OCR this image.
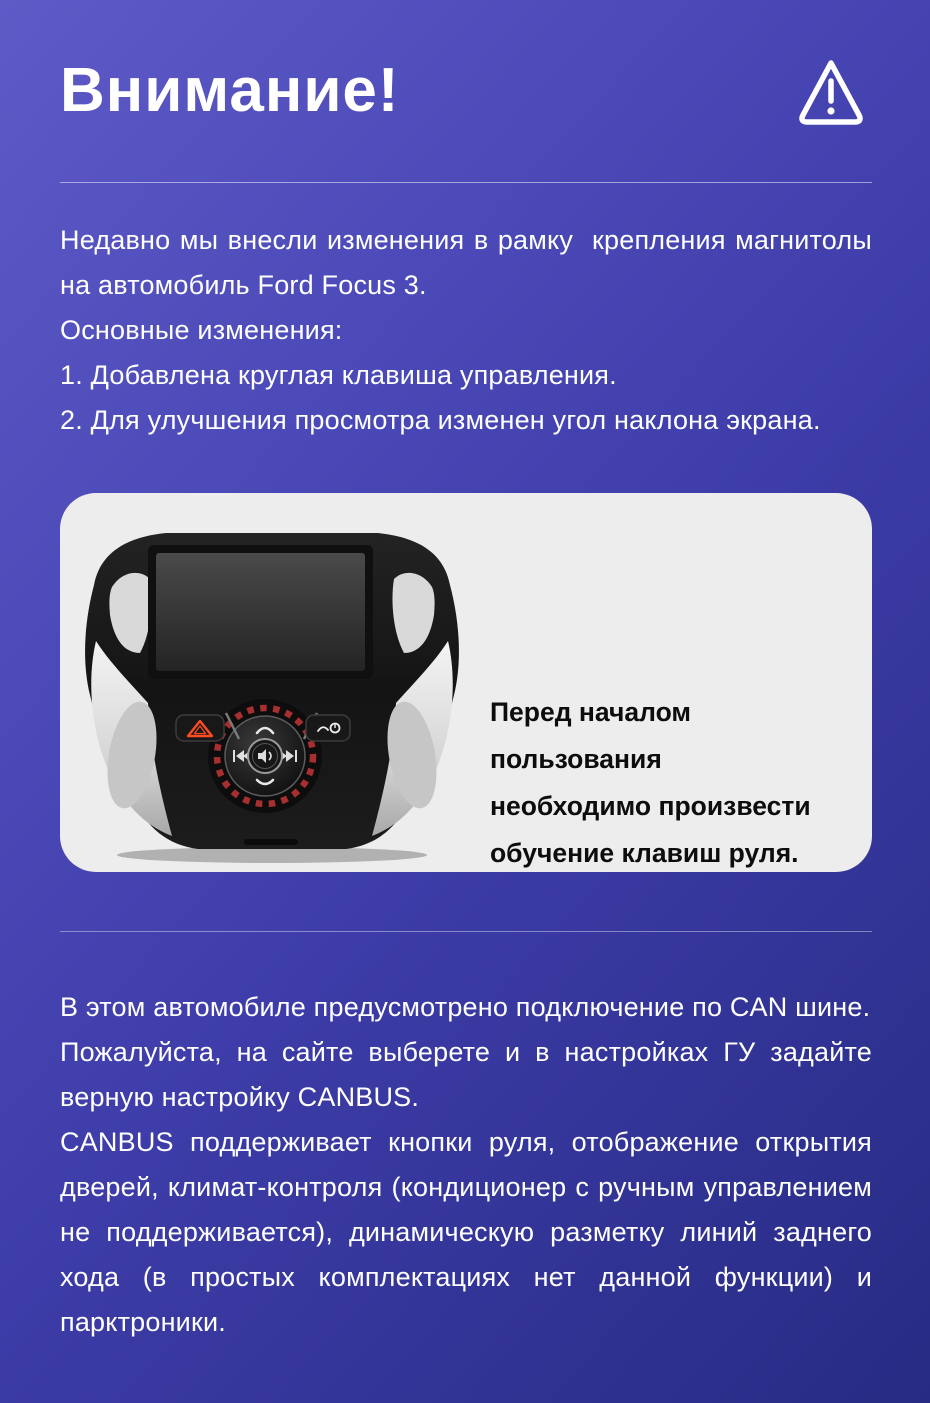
Внимание!
Недавно мы внесли изменения в рамку  крепления магнитолы
на автомобиль Ford Focus 3.
Основные изменения:
1. Добавлена круглая клавиша управления.
2. Для улучшения просмотра изменен угол наклона экрана.
Перед началом пользования
необходимо произвести
обучение клавиш руля.
В этом автомобиле предусмотрено подключение по CAN шине.
Пожалуйста, на сайте выберете и в настройках ГУ задайте
верную настройку CANBUS.
CANBUS поддерживает кнопки руля, отображение открытия
дверей, климат-контроля (кондиционер с ручным управлением
не поддерживается), динамическую разметку линий заднего
хода (в простых комплектациях нет данной функции) и
парктроники.
